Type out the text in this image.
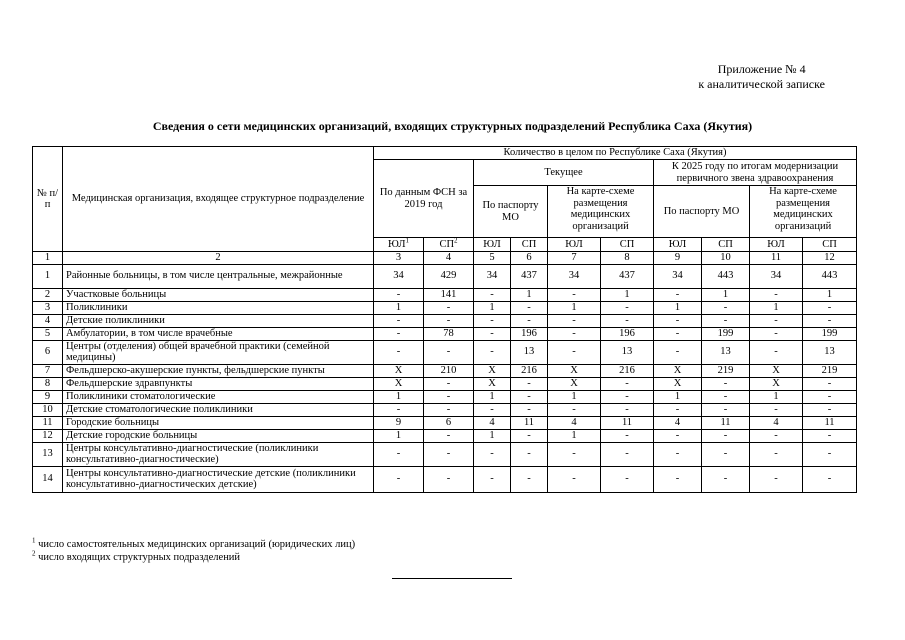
Приложение № 4
к аналитической записке
Сведения о сети медицинских организаций, входящих структурных подразделений Республика Саха (Якутия)
№ п/п	Медицинская организация, входящее структурное подразделение	Количество в целом по Республике Саха (Якутия)									
		По данным ФСН за 2019 год		Текущее				К 2025 году по итогам модернизации первичного звена здравоохранения			
				По паспорту МО		На карте-схеме размещения медицинских организаций		По паспорту МО		На карте-схеме размещения медицинских организаций	
		$ЮЛ^1$	$СП^2$	ЮЛ	СП	ЮЛ	СП	ЮЛ	СП	ЮЛ	СП
1	2	3	4	5	6	7	8	9	10	11	12
1	Районные больницы, в том числе центральные, межрайонные	34	429	34	437	34	437	34	443	34	443
2	Участковые больницы	-	141	-	1	-	1	-	1	-	1
3	Поликлиники	1	-	1	-	1	-	1	-	1	-
4	Детские поликлиники	-	-	-	-	-	-	-	-	-	-
5	Амбулатории, в том числе врачебные	-	78	-	196	-	196	-	199	-	199
6	Центры (отделения) общей врачебной практики (семейной медицины)	-	-	-	13	-	13	-	13	-	13
7	Фельдшерско-акушерские пункты, фельдшерские пункты	Х	210	Х	216	Х	216	Х	219	Х	219
8	Фельдшерские здравпункты	Х	-	Х	-	Х	-	Х	-	Х	-
9	Поликлиники стоматологические	1	-	1	-	1	-	1	-	1	-
10	Детские стоматологические поликлиники	-	-	-	-	-	-	-	-	-	-
11	Городские больницы	9	6	4	11	4	11	4	11	4	11
12	Детские городские больницы	1	-	1	-	1	-	-	-	-	-
13	Центры консультативно-диагностические (поликлиники консультативно-диагностические)	-	-	-	-	-	-	-	-	-	-
14	Центры консультативно-диагностические детские (поликлиники консультативно-диагностических детские)	-	-	-	-	-	-	-	-	-	-
$^1$ число самостоятельных медицинских организаций (юридических лиц)
$^2$ число входящих структурных подразделений
